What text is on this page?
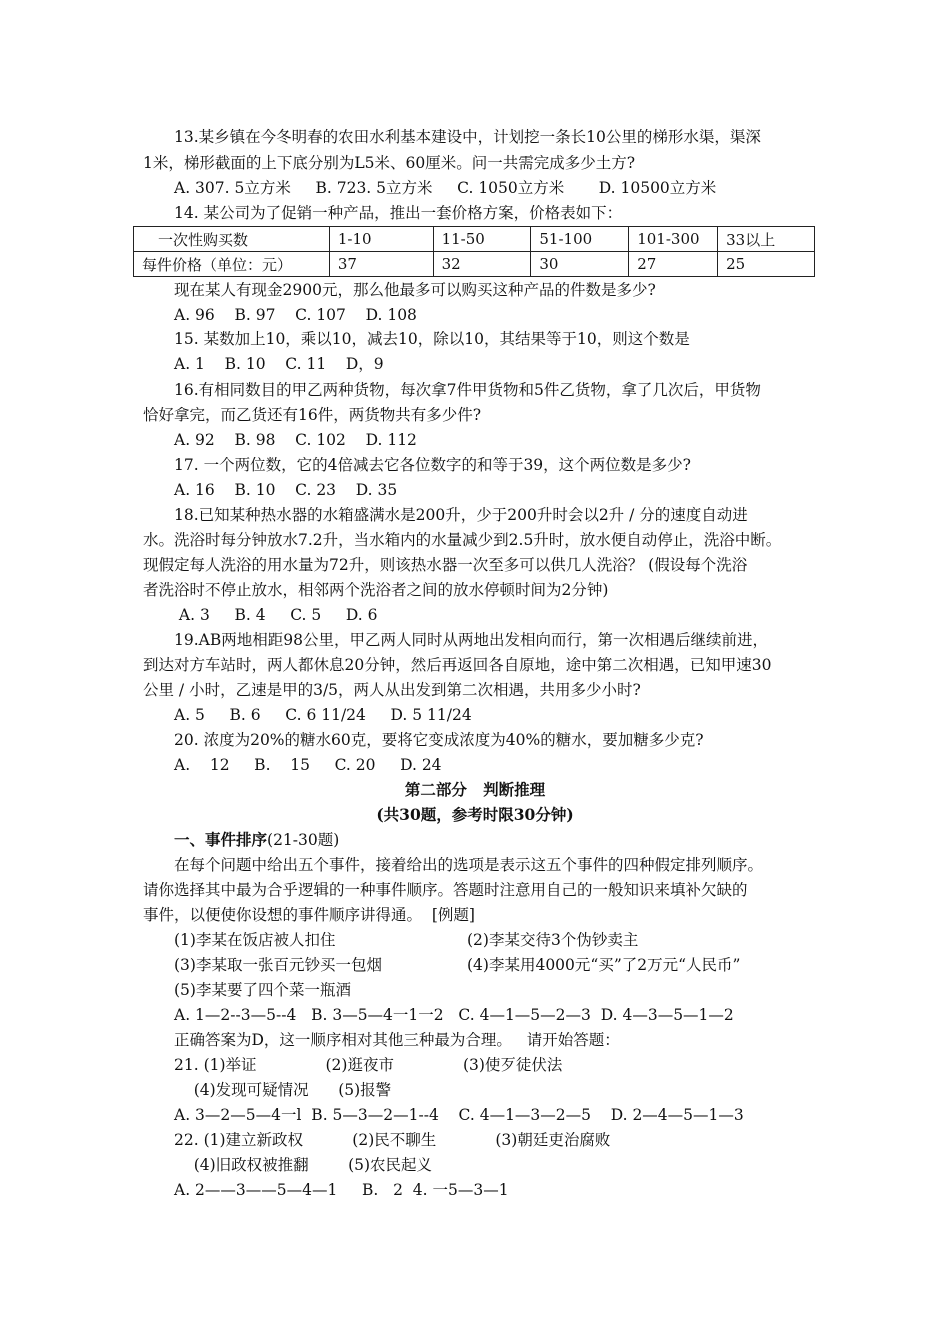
13.某乡镇在今冬明春的农田水利基本建设中，计划挖一条长10公里的梯形水渠，渠深
1米，梯形截面的上下底分别为L5米、60厘米。问一共需完成多少土方?
A. 307. 5立方米     B. 723. 5立方米     C. 1050立方米       D. 10500立方米
14. 某公司为了促销一种产品，推出一套价格方案，价格表如下：
一次性购买数	1-10	11-50	51-100	101-300	33以上
每件价格（单位：元）	37	32	30	27	25
现在某人有现金2900元，那么他最多可以购买这种产品的件数是多少?
A. 96    B. 97    C. 107    D. 108
15. 某数加上10，乘以10，减去10，除以10，其结果等于10，则这个数是
A. 1    B. 10    C. 11    D，9
16.有相同数目的甲乙两种货物，每次拿7件甲货物和5件乙货物，拿了几次后，甲货物
恰好拿完，而乙货还有16件，两货物共有多少件?
A. 92    B. 98    C. 102    D. 112
17. 一个两位数，它的4倍减去它各位数字的和等于39，这个两位数是多少?
A. 16    B. 10    C. 23    D. 35
18.已知某种热水器的水箱盛满水是200升，少于200升时会以2升 / 分的速度自动进
水。洗浴时每分钟放水7.2升，当水箱内的水量减少到2.5升时，放水便自动停止，洗浴中断。
现假定每人洗浴的用水量为72升，则该热水器一次至多可以供几人洗浴？ (假设每个洗浴
者洗浴时不停止放水，相邻两个洗浴者之间的放水停顿时间为2分钟)
A. 3     B. 4     C. 5     D. 6
19.AB两地相距98公里，甲乙两人同时从两地出发相向而行，第一次相遇后继续前进，
到达对方车站时，两人都休息20分钟，然后再返回各自原地，途中第二次相遇，已知甲速30
公里 / 小时，乙速是甲的3/5，两人从出发到第二次相遇，共用多少小时?
A. 5     B. 6     C. 6 11/24     D. 5 11/24
20. 浓度为20%的糖水60克，要将它变成浓度为40%的糖水，要加糖多少克?
A.    12     B.    15     C. 20     D. 24
第二部分   判断推理
(共30题，参考时限30分钟)
一、事件排序(21-30题)
在每个问题中给出五个事件，接着给出的选项是表示这五个事件的四种假定排列顺序。
请你选择其中最为合乎逻辑的一种事件顺序。答题时注意用自己的一般知识来填补欠缺的
事件，以便使你设想的事件顺序讲得通。  [例题]
(1)李某在饭店被人扣住	(2)李某交待3个伪钞卖主
(3)李某取一张百元钞买一包烟	(4)李某用4000元“买”了2万元“人民币”
(5)李某要了四个菜一瓶酒
A. 1—2--3—5--4   B. 3—5—4一1一2   C. 4—1—5—2—3  D. 4—3—5—1—2
正确答案为D，这一顺序相对其他三种最为合理。   请开始答题：
21. (1)举证              (2)逛夜市              (3)使歹徒伏法
(4)发现可疑情况      (5)报警
A. 3—2—5—4一l  B. 5—3—2—1--4    C. 4—1—3—2—5    D. 2—4—5—1—3
22. (1)建立新政权          (2)民不聊生            (3)朝廷吏治腐败
(4)旧政权被推翻        (5)农民起义
A. 2——3——5—4—1     B.   2  4. 一5—3—1
